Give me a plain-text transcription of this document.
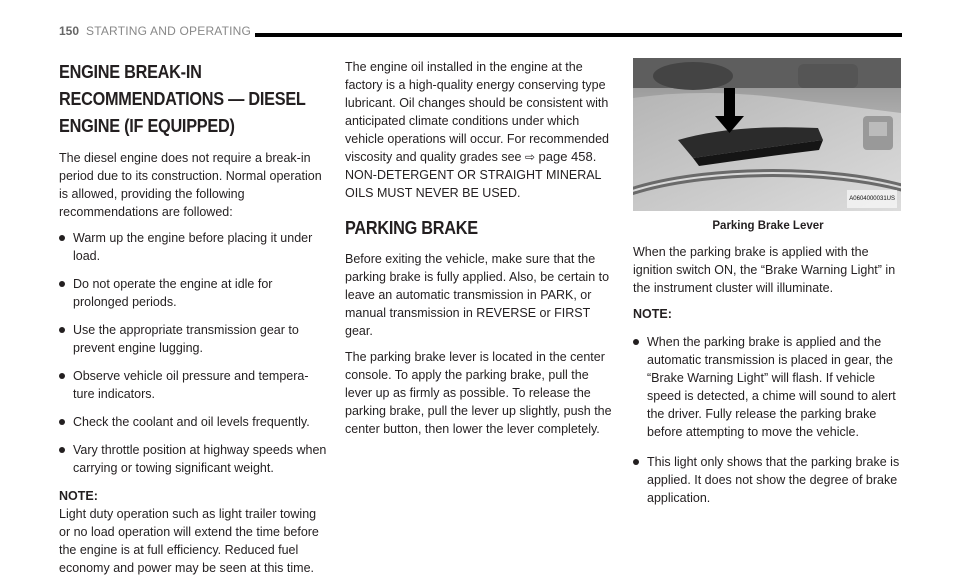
150 STARTING AND OPERATING
ENGINE BREAK-IN RECOMMENDATIONS — DIESEL ENGINE (IF EQUIPPED)

The diesel engine does not require a break-in period due to its construction. Normal operation is allowed, providing the following recommendations are followed:

Warm up the engine before placing it under load.
Do not operate the engine at idle for prolonged periods.
Use the appropriate transmission gear to prevent engine lugging.
Observe vehicle oil pressure and tempera-ture indicators.
Check the coolant and oil levels frequently.
Vary throttle position at highway speeds when carrying or towing significant weight.

NOTE:

Light duty operation such as light trailer towing or no load operation will extend the time before the engine is at full efficiency. Reduced fuel economy and power may be seen at this time.

The engine oil installed in the engine at the factory is a high-quality energy conserving type lubricant. Oil changes should be consistent with anticipated climate conditions under which vehicle operations will occur. For recommended viscosity and quality grades see ⇨ page 458.
NON-DETERGENT OR STRAIGHT MINERAL OILS MUST NEVER BE USED.

PARKING BRAKE

Before exiting the vehicle, make sure that the parking brake is fully applied. Also, be certain to leave an automatic transmission in PARK, or manual transmission in REVERSE or FIRST gear.

The parking brake lever is located in the center console. To apply the parking brake, pull the lever up as firmly as possible. To release the parking brake, pull the lever up slightly, push the center button, then lower the lever completely.

A0604000031US

Parking Brake Lever

When the parking brake is applied with the ignition switch ON, the “Brake Warning Light” in the instrument cluster will illuminate.

NOTE:

When the parking brake is applied and the automatic transmission is placed in gear, the “Brake Warning Light” will flash. If vehicle speed is detected, a chime will sound to alert the driver. Fully release the parking brake before attempting to move the vehicle.
This light only shows that the parking brake is applied. It does not show the degree of brake application.
